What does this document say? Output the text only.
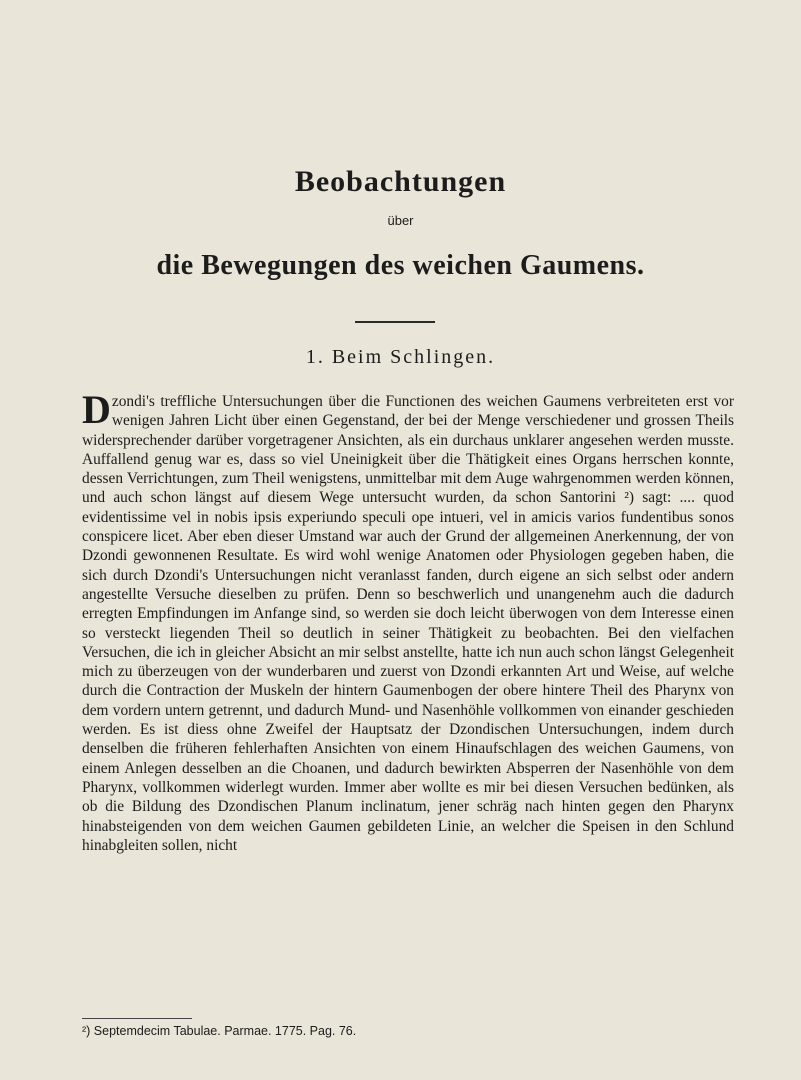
Beobachtungen
über
die Bewegungen des weichen Gaumens.
1. Beim Schlingen.

Dzondi's treffliche Untersuchungen über die Functionen des weichen Gaumens verbreiteten erst vor wenigen Jahren Licht über einen Gegenstand, der bei der Menge verschiedener und grossen Theils widersprechender darüber vorgetragener Ansichten, als ein durchaus unklarer angesehen werden musste. Auffallend genug war es, dass so viel Uneinigkeit über die Thätigkeit eines Organs herrschen konnte, dessen Verrichtungen, zum Theil wenigstens, unmittelbar mit dem Auge wahrgenommen werden können, und auch schon längst auf diesem Wege untersucht wurden, da schon Santorini ²) sagt: .... quod evidentissime vel in nobis ipsis experiundo speculi ope intueri, vel in amicis varios fundentibus sonos conspicere licet. Aber eben dieser Umstand war auch der Grund der allgemeinen Anerkennung, der von Dzondi gewonnenen Resultate. Es wird wohl wenige Anatomen oder Physiologen gegeben haben, die sich durch Dzondi's Untersuchungen nicht veranlasst fanden, durch eigene an sich selbst oder andern angestellte Versuche dieselben zu prüfen. Denn so beschwerlich und unangenehm auch die dadurch erregten Empfindungen im Anfange sind, so werden sie doch leicht überwogen von dem Interesse einen so versteckt liegenden Theil so deutlich in seiner Thätigkeit zu beobachten. Bei den vielfachen Versuchen, die ich in gleicher Absicht an mir selbst anstellte, hatte ich nun auch schon längst Gelegenheit mich zu überzeugen von der wunderbaren und zuerst von Dzondi erkannten Art und Weise, auf welche durch die Contraction der Muskeln der hintern Gaumenbogen der obere hintere Theil des Pharynx von dem vordern untern getrennt, und dadurch Mund- und Nasenhöhle vollkommen von einander geschieden werden. Es ist diess ohne Zweifel der Hauptsatz der Dzondischen Untersuchungen, indem durch denselben die früheren fehlerhaften Ansichten von einem Hinaufschlagen des weichen Gaumens, von einem Anlegen desselben an die Choanen, und dadurch bewirkten Absperren der Nasenhöhle von dem Pharynx, vollkommen widerlegt wurden. Immer aber wollte es mir bei diesen Versuchen bedünken, als ob die Bildung des Dzondischen Planum inclinatum, jener schräg nach hinten gegen den Pharynx hinabsteigenden von dem weichen Gaumen gebildeten Linie, an welcher die Speisen in den Schlund hinabgleiten sollen, nicht

²) Septemdecim Tabulae. Parmae. 1775. Pag. 76.
